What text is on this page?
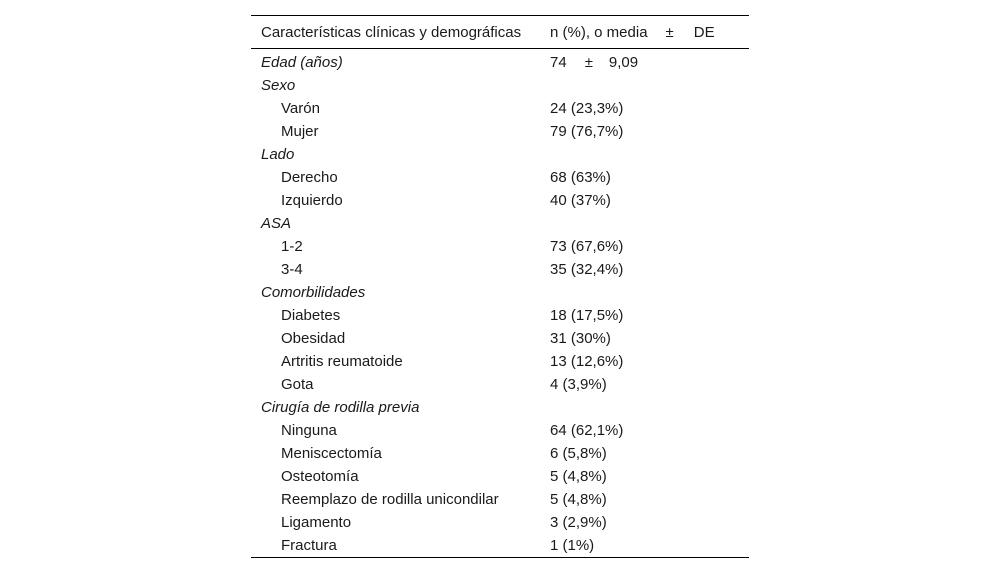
Características clínicas y demográficas	n (%), o media ± DE
Edad (años)	74 ± 9,09
Sexo	
Varón	24 (23,3%)
Mujer	79 (76,7%)
Lado	
Derecho	68 (63%)
Izquierdo	40 (37%)
ASA	
1-2	73 (67,6%)
3-4	35 (32,4%)
Comorbilidades	
Diabetes	18 (17,5%)
Obesidad	31 (30%)
Artritis reumatoide	13 (12,6%)
Gota	4 (3,9%)
Cirugía de rodilla previa	
Ninguna	64 (62,1%)
Meniscectomía	6 (5,8%)
Osteotomía	5 (4,8%)
Reemplazo de rodilla unicondilar	5 (4,8%)
Ligamento	3 (2,9%)
Fractura	1 (1%)
